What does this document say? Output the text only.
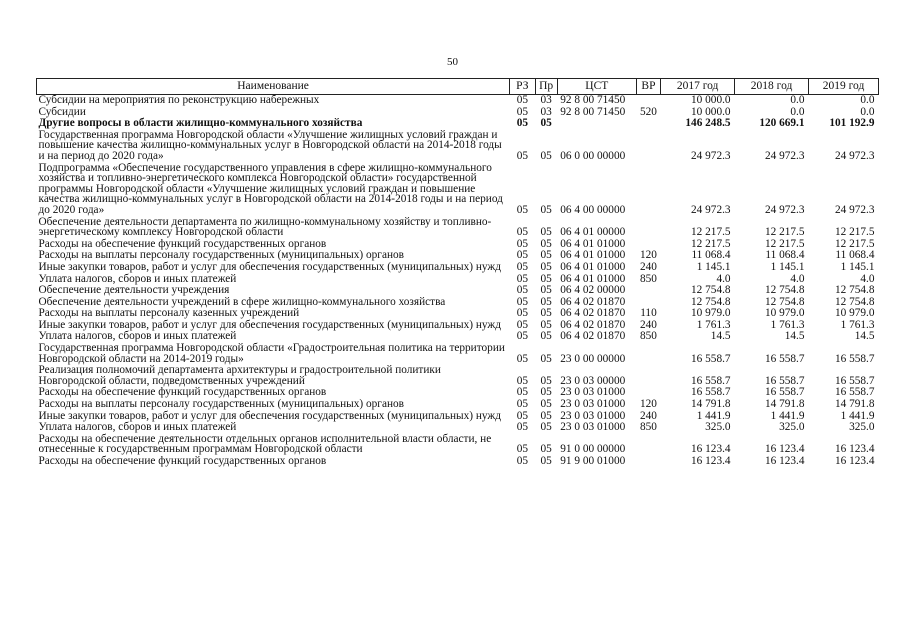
50
Наименование	РЗ	Пр	ЦСТ	ВР	2017 год	2018 год	2019 год
Субсидии на мероприятия по реконструкцию набережных	05	03	92 8 00 71450		10 000.0	0.0	0.0
Субсидии	05	03	92 8 00 71450	520	10 000.0	0.0	0.0
Другие вопросы в области жилищно-коммунального хозяйства	05	05			146 248.5	120 669.1	101 192.9
Государственная программа Новгородской области «Улучшение жилищных условий граждан и повышение качества жилищно-коммунальных услуг в Новгородской области на 2014-2018 годы и на период до 2020 года»	05	05	06 0 00 00000		24 972.3	24 972.3	24 972.3
Подпрограмма «Обеспечение государственного управления в сфере жилищно-коммунального хозяйства и топливно-энергетического комплекса Новгородской области» государственной программы Новгородской области «Улучшение жилищных условий граждан и повышение качества жилищно-коммунальных услуг в Новгородской области на 2014-2018 годы и на период до 2020 года»	05	05	06 4 00 00000		24 972.3	24 972.3	24 972.3
Обеспечение деятельности департамента по жилищно-коммунальному хозяйству и топливно-энергетическому комплексу Новгородской области	05	05	06 4 01 00000		12 217.5	12 217.5	12 217.5
Расходы на обеспечение функций государственных органов	05	05	06 4 01 01000		12 217.5	12 217.5	12 217.5
Расходы на выплаты персоналу государственных (муниципальных) органов	05	05	06 4 01 01000	120	11 068.4	11 068.4	11 068.4
Иные закупки товаров, работ и услуг для обеспечения государственных (муниципальных) нужд	05	05	06 4 01 01000	240	1 145.1	1 145.1	1 145.1
Уплата налогов, сборов и иных платежей	05	05	06 4 01 01000	850	4.0	4.0	4.0
Обеспечение деятельности учреждения	05	05	06 4 02 00000		12 754.8	12 754.8	12 754.8
Обеспечение деятельности учреждений в сфере жилищно-коммунального хозяйства	05	05	06 4 02 01870		12 754.8	12 754.8	12 754.8
Расходы на выплаты персоналу казенных учреждений	05	05	06 4 02 01870	110	10 979.0	10 979.0	10 979.0
Иные закупки товаров, работ и услуг для обеспечения государственных (муниципальных) нужд	05	05	06 4 02 01870	240	1 761.3	1 761.3	1 761.3
Уплата налогов, сборов и иных платежей	05	05	06 4 02 01870	850	14.5	14.5	14.5
Государственная программа Новгородской области «Градостроительная политика на территории Новгородской области на 2014-2019 годы»	05	05	23 0 00 00000		16 558.7	16 558.7	16 558.7
Реализация полномочий департамента архитектуры и градостроительной политики Новгородской области, подведомственных учреждений	05	05	23 0 03 00000		16 558.7	16 558.7	16 558.7
Расходы на обеспечение функций государственных органов	05	05	23 0 03 01000		16 558.7	16 558.7	16 558.7
Расходы на выплаты персоналу государственных (муниципальных) органов	05	05	23 0 03 01000	120	14 791.8	14 791.8	14 791.8
Иные закупки товаров, работ и услуг для обеспечения государственных (муниципальных) нужд	05	05	23 0 03 01000	240	1 441.9	1 441.9	1 441.9
Уплата налогов, сборов и иных платежей	05	05	23 0 03 01000	850	325.0	325.0	325.0
Расходы на обеспечение деятельности отдельных органов исполнительной власти области, не отнесенные к государственным программам Новгородской области	05	05	91 0 00 00000		16 123.4	16 123.4	16 123.4
Расходы на обеспечение функций государственных органов	05	05	91 9 00 01000		16 123.4	16 123.4	16 123.4
